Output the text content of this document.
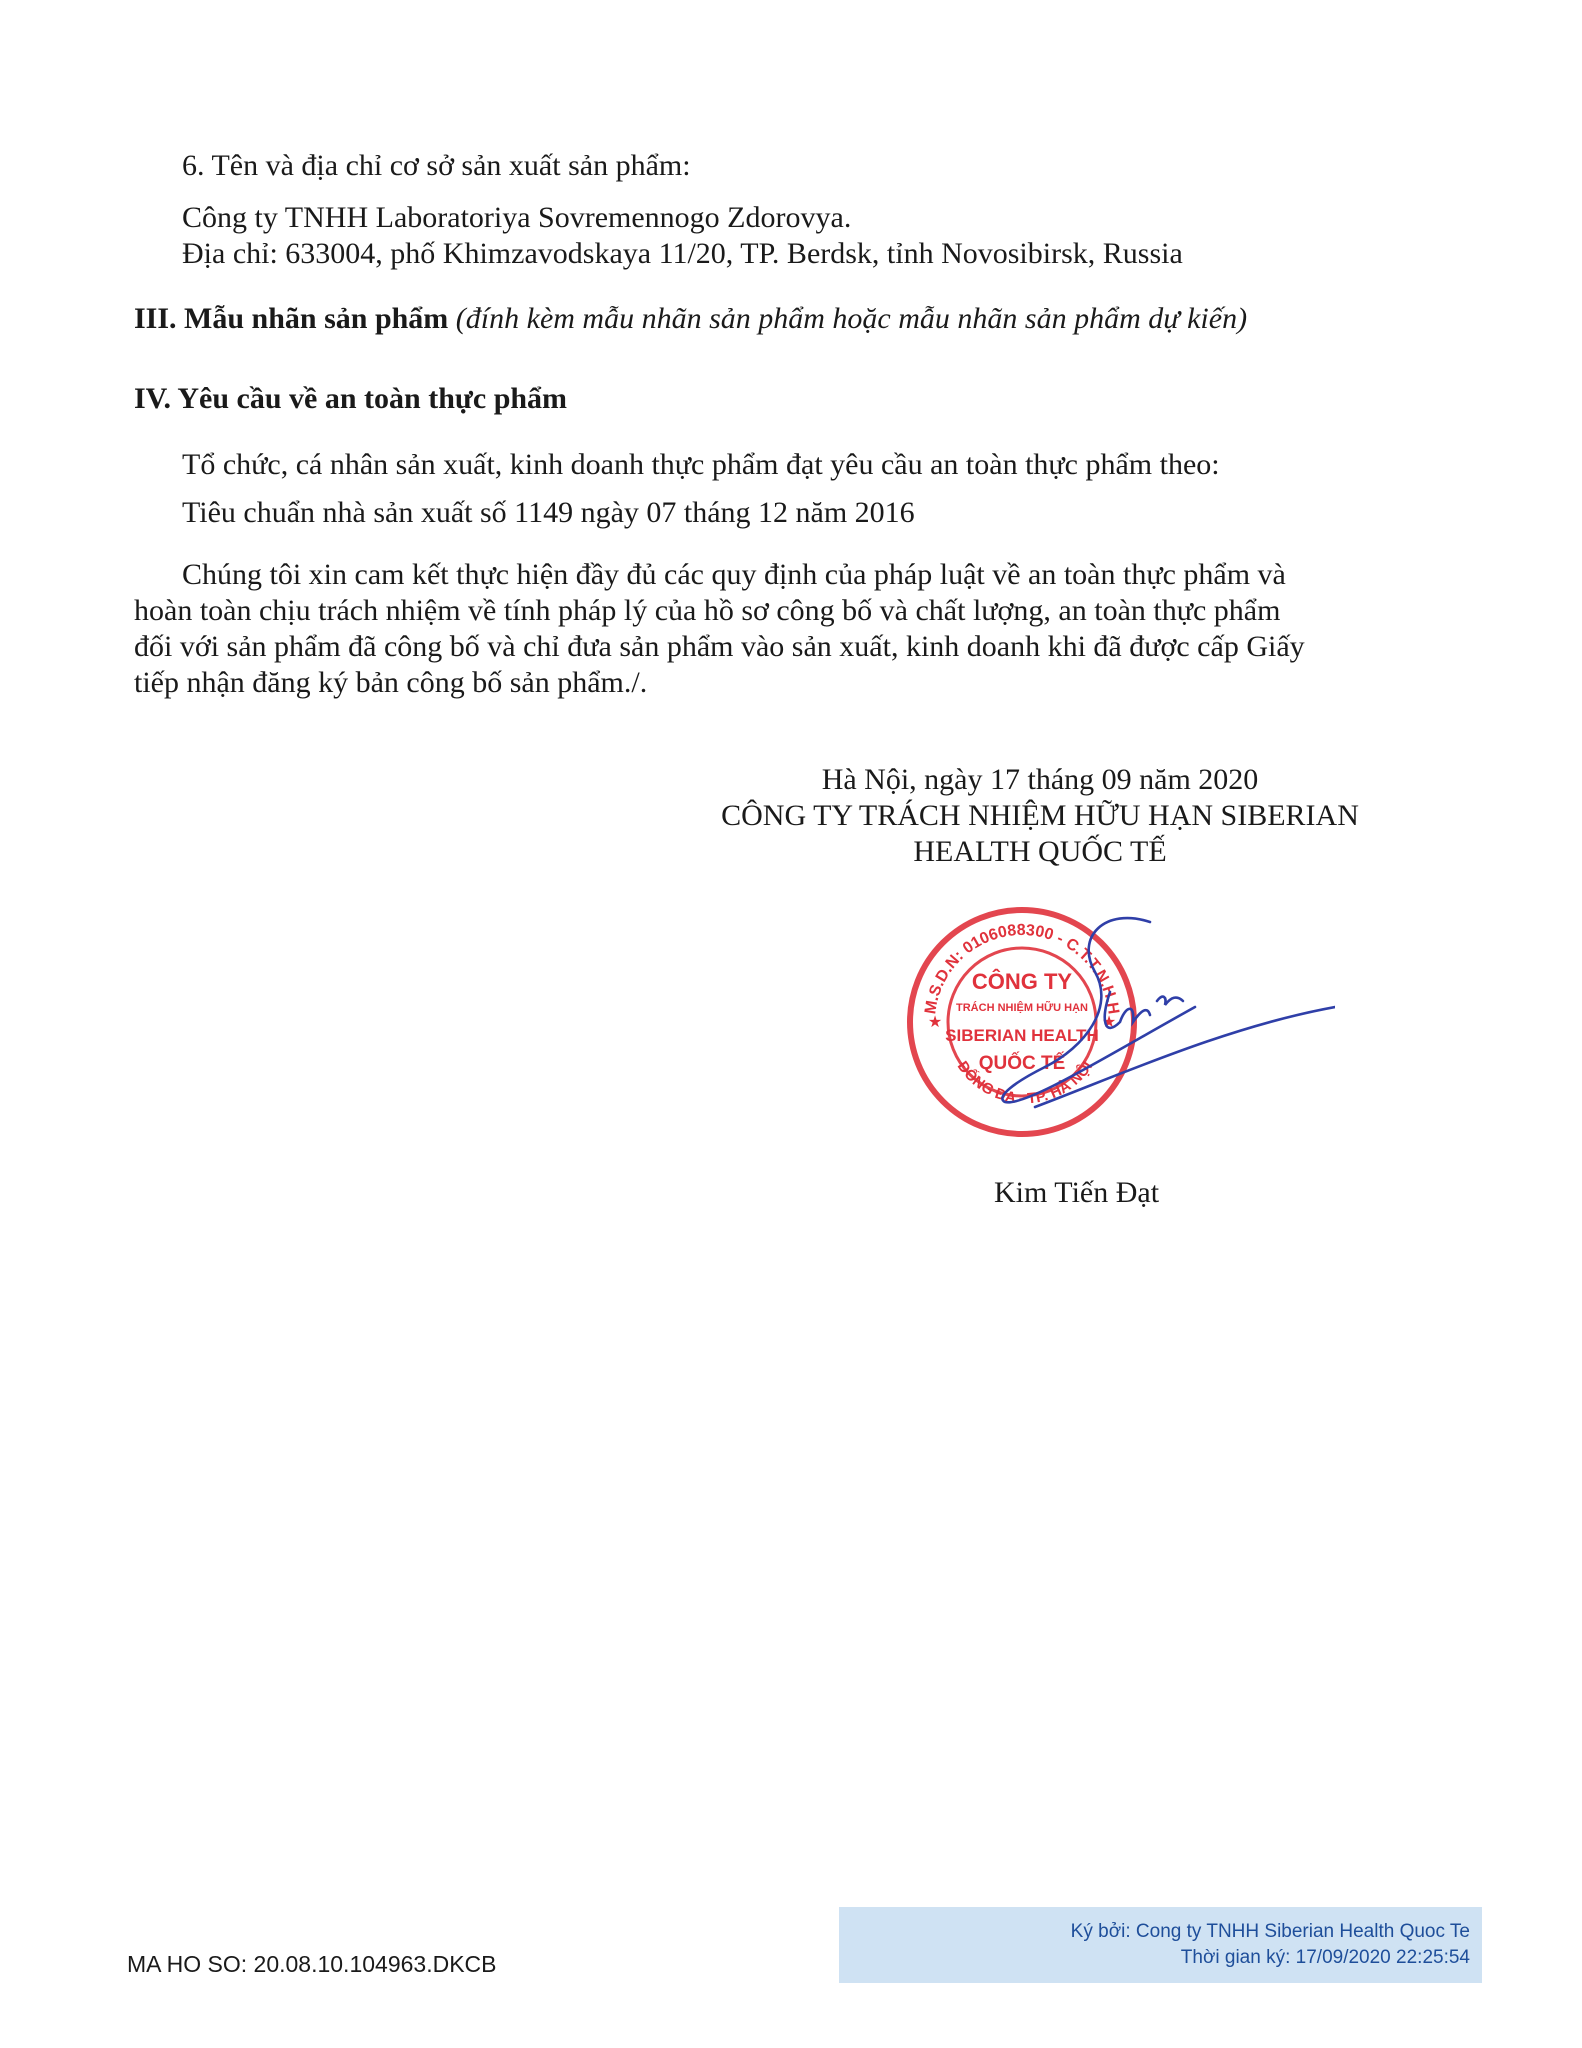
6. Tên và địa chỉ cơ sở sản xuất sản phẩm:
Công ty TNHH Laboratoriya Sovremennogo Zdorovya.
Địa chỉ: 633004, phố Khimzavodskaya 11/20, TP. Berdsk, tỉnh Novosibirsk, Russia
III. Mẫu nhãn sản phẩm (đính kèm mẫu nhãn sản phẩm hoặc mẫu nhãn sản phẩm dự kiến)
IV. Yêu cầu về an toàn thực phẩm
Tổ chức, cá nhân sản xuất, kinh doanh thực phẩm đạt yêu cầu an toàn thực phẩm theo:
Tiêu chuẩn nhà sản xuất số 1149 ngày 07 tháng 12 năm 2016
Chúng tôi xin cam kết thực hiện đầy đủ các quy định của pháp luật về an toàn thực phẩm và
hoàn toàn chịu trách nhiệm về tính pháp lý của hồ sơ công bố và chất lượng, an toàn thực phẩm
đối với sản phẩm đã công bố và chỉ đưa sản phẩm vào sản xuất, kinh doanh khi đã được cấp Giấy
tiếp nhận đăng ký bản công bố sản phẩm./.
Hà Nội, ngày 17 tháng 09 năm 2020
CÔNG TY TRÁCH NHIỆM HỮU HẠN SIBERIAN
HEALTH QUỐC TẾ
M.S.D.N: 0106088300 - C.T.T.N.H.H
ĐỐNG ĐA - TP. HÀ NỘI
CÔNG TY
TRÁCH NHIỆM HỮU HẠN
SIBERIAN HEALTH
QUỐC TẾ
★	★
Kim Tiến Đạt
MA HO SO: 20.08.10.104963.DKCB
Ký bởi: Cong ty TNHH Siberian Health Quoc Te
Thời gian ký: 17/09/2020 22:25:54
